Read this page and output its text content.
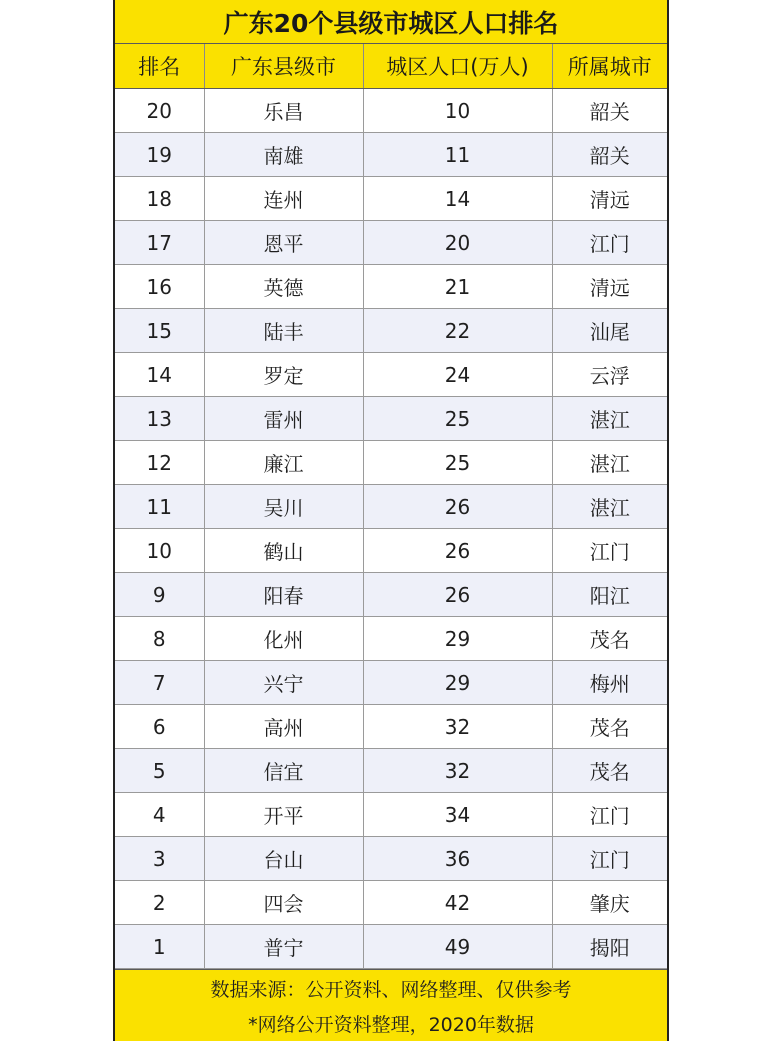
广东20个县级市城区人口排名
排名	广东县级市	城区人口(万人)	所属城市
20	乐昌	10	韶关
19	南雄	11	韶关
18	连州	14	清远
17	恩平	20	江门
16	英德	21	清远
15	陆丰	22	汕尾
14	罗定	24	云浮
13	雷州	25	湛江
12	廉江	25	湛江
11	吴川	26	湛江
10	鹤山	26	江门
9	阳春	26	阳江
8	化州	29	茂名
7	兴宁	29	梅州
6	高州	32	茂名
5	信宜	32	茂名
4	开平	34	江门
3	台山	36	江门
2	四会	42	肇庆
1	普宁	49	揭阳
数据来源：公开资料、网络整理、仅供参考
*网络公开资料整理，2020年数据
